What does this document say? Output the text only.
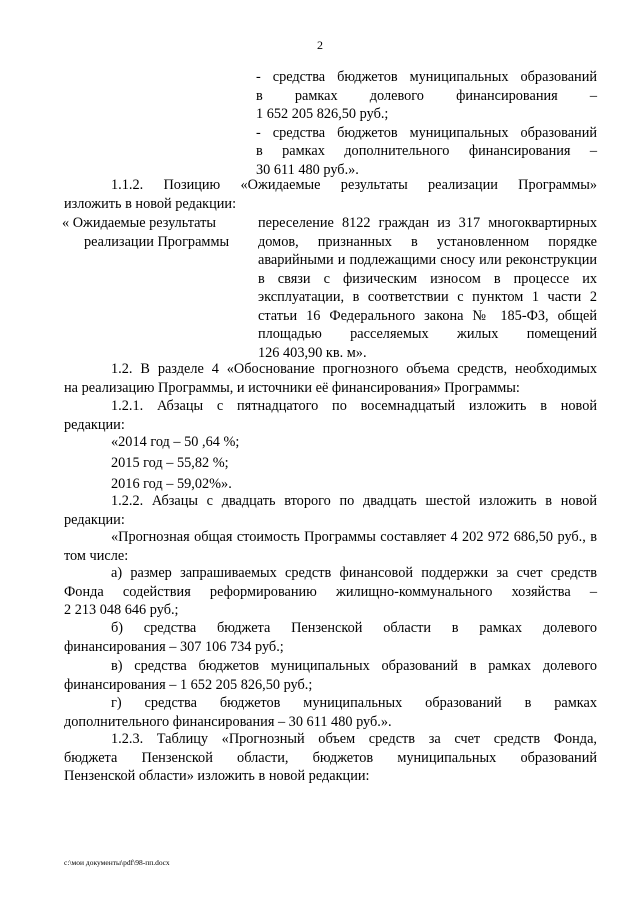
2
- средства бюджетов муниципальных образований
в рамках долевого финансирования –
1 652 205 826,50 руб.;
- средства бюджетов муниципальных образований
в рамках дополнительного финансирования –
30 611 480 руб.».
1.1.2. Позицию «Ожидаемые результаты реализации Программы»
изложить в новой редакции:
« Ожидаемые результаты
реализации Программы
переселение 8122 граждан из 317 многоквартирных
домов, признанных в установленном порядке
аварийными и подлежащими сносу или реконструкции
в связи с физическим износом в процессе их
эксплуатации, в соответствии с пунктом 1 части 2
статьи 16 Федерального закона № 185-ФЗ, общей
площадью расселяемых жилых помещений
126 403,90 кв. м».
1.2. В разделе 4 «Обоснование прогнозного объема средств, необходимых
на реализацию Программы, и источники её финансирования» Программы:
1.2.1. Абзацы с пятнадцатого по восемнадцатый изложить в новой
редакции:
«2014 год – 50 ,64 %;
2015 год – 55,82 %;
2016 год – 59,02%».
1.2.2. Абзацы с двадцать второго по двадцать шестой изложить в новой
редакции:
«Прогнозная общая стоимость Программы составляет 4 202 972 686,50 руб., в
том числе:
а) размер запрашиваемых средств финансовой поддержки за счет средств
Фонда содействия реформированию жилищно-коммунального хозяйства –
2 213 048 646 руб.;
б) средства бюджета Пензенской области в рамках долевого
финансирования – 307 106 734 руб.;
в) средства бюджетов муниципальных образований в рамках долевого
финансирования – 1 652 205 826,50 руб.;
г) средства бюджетов муниципальных образований в рамках
дополнительного финансирования – 30 611 480 руб.».
1.2.3. Таблицу «Прогнозный объем средств за счет средств Фонда,
бюджета Пензенской области, бюджетов муниципальных образований
Пензенской области» изложить в новой редакции:
c:\мои документы\pdf\98-пп.docx
